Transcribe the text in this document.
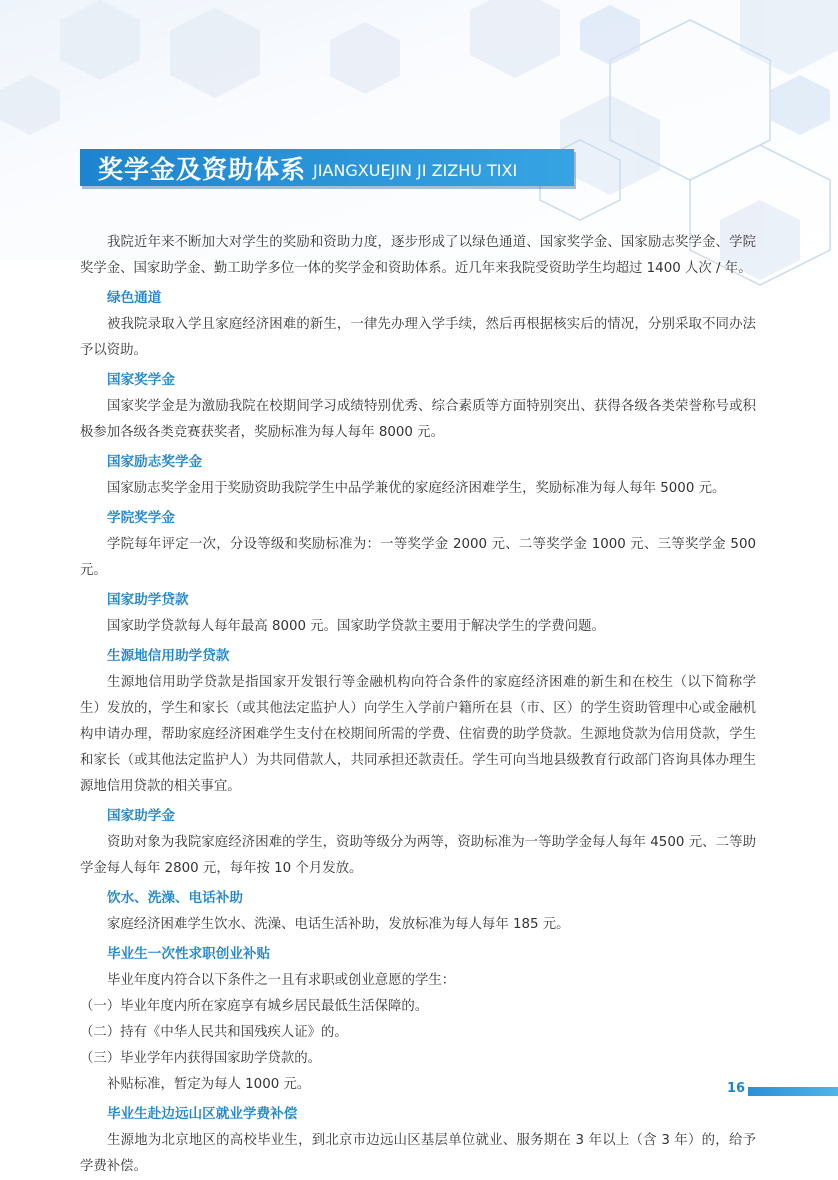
奖学金及资助体系 JIANGXUEJIN JI ZIZHU TIXI

我院近年来不断加大对学生的奖励和资助力度，逐步形成了以绿色通道、国家奖学金、国家励志奖学金、学院奖学金、国家助学金、勤工助学多位一体的奖学金和资助体系。近几年来我院受资助学生均超过 1400 人次 / 年。

绿色通道

被我院录取入学且家庭经济困难的新生，一律先办理入学手续，然后再根据核实后的情况，分别采取不同办法予以资助。

国家奖学金

国家奖学金是为激励我院在校期间学习成绩特别优秀、综合素质等方面特别突出、获得各级各类荣誉称号或积极参加各级各类竞赛获奖者，奖励标准为每人每年 8000 元。

国家励志奖学金

国家励志奖学金用于奖励资助我院学生中品学兼优的家庭经济困难学生，奖励标准为每人每年 5000 元。

学院奖学金

学院每年评定一次，分设等级和奖励标准为：一等奖学金 2000 元、二等奖学金 1000 元、三等奖学金 500 元。

国家助学贷款

国家助学贷款每人每年最高 8000 元。国家助学贷款主要用于解决学生的学费问题。

生源地信用助学贷款

生源地信用助学贷款是指国家开发银行等金融机构向符合条件的家庭经济困难的新生和在校生（以下简称学生）发放的，学生和家长（或其他法定监护人）向学生入学前户籍所在县（市、区）的学生资助管理中心或金融机构申请办理，帮助家庭经济困难学生支付在校期间所需的学费、住宿费的助学贷款。生源地贷款为信用贷款，学生和家长（或其他法定监护人）为共同借款人，共同承担还款责任。学生可向当地县级教育行政部门咨询具体办理生源地信用贷款的相关事宜。

国家助学金

资助对象为我院家庭经济困难的学生，资助等级分为两等，资助标准为一等助学金每人每年 4500 元、二等助学金每人每年 2800 元，每年按 10 个月发放。

饮水、洗澡、电话补助

家庭经济困难学生饮水、洗澡、电话生活补助，发放标准为每人每年 185 元。

毕业生一次性求职创业补贴

毕业年度内符合以下条件之一且有求职或创业意愿的学生：

（一）毕业年度内所在家庭享有城乡居民最低生活保障的。

（二）持有《中华人民共和国残疾人证》的。

（三）毕业学年内获得国家助学贷款的。

补贴标准，暂定为每人 1000 元。

毕业生赴边远山区就业学费补偿

生源地为北京地区的高校毕业生，到北京市边远山区基层单位就业、服务期在 3 年以上（含 3 年）的，给予学费补偿。

16
